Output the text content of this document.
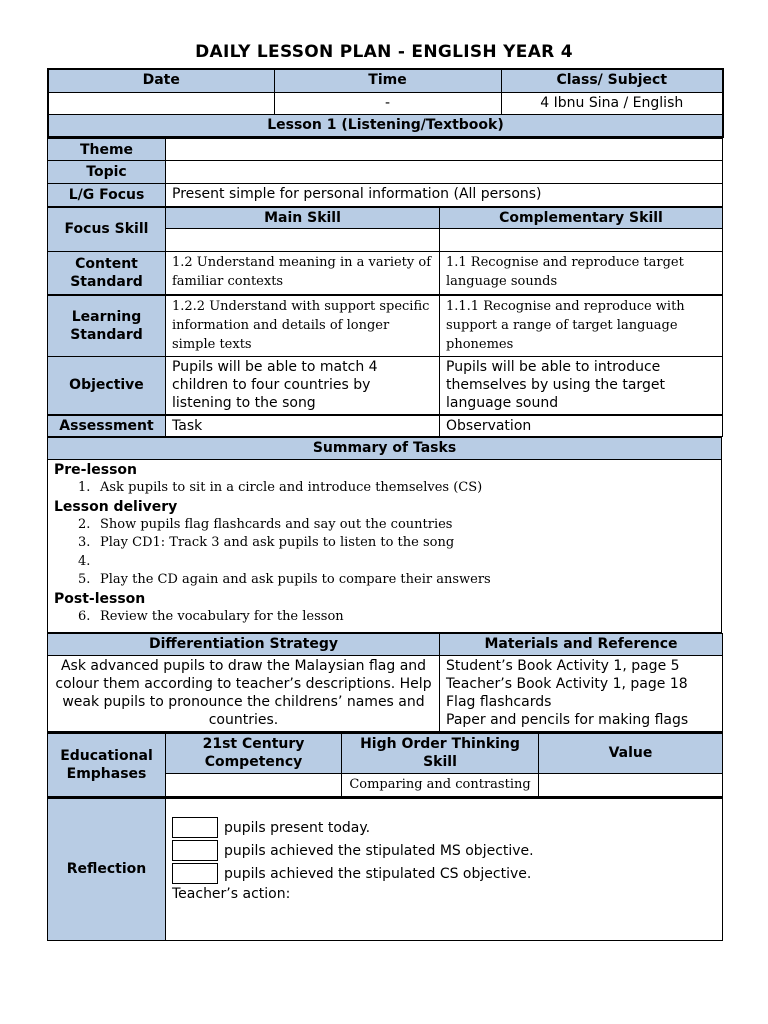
DAILY LESSON PLAN - ENGLISH YEAR 4
Date	Time	Class/ Subject
	-	4 Ibnu Sina / English
Lesson 1 (Listening/Textbook)		
Theme		
Topic		
L/G Focus	Present simple for personal information (All persons)	
Focus Skill	Main Skill	Complementary Skill

Content Standard	1.2 Understand meaning in a variety of familiar contexts	1.1 Recognise and reproduce target language sounds
Learning Standard	1.2.2 Understand with support specific information and details of longer simple texts	1.1.1 Recognise and reproduce with support a range of target language phonemes
Objective	Pupils will be able to match 4 children to four countries by listening to the song	Pupils will be able to introduce themselves by using the target language sound
Assessment	Task	Observation
Summary of Tasks

Pre-lesson
1. Ask pupils to sit in a circle and introduce themselves (CS)
Lesson delivery
2. Show pupils flag flashcards and say out the countries
3. Play CD1: Track 3 and ask pupils to listen to the song
4.
5. Play the CD again and ask pupils to compare their answers
Post-lesson
6. Review the vocabulary for the lesson
Differentiation Strategy	Materials and Reference
Ask advanced pupils to draw the Malaysian flag and colour them according to teacher’s descriptions. Help weak pupils to pronounce the childrens’ names and countries.	Student’s Book Activity 1, page 5
Teacher’s Book Activity 1, page 18
Flag flashcards
Paper and pencils for making flags
Educational Emphases	21st Century Competency	High Order Thinking Skill	Value
		Comparing and contrasting	
Reflection	
pupils present today.
pupils achieved the stipulated MS objective.
pupils achieved the stipulated CS objective.
Teacher’s action:
